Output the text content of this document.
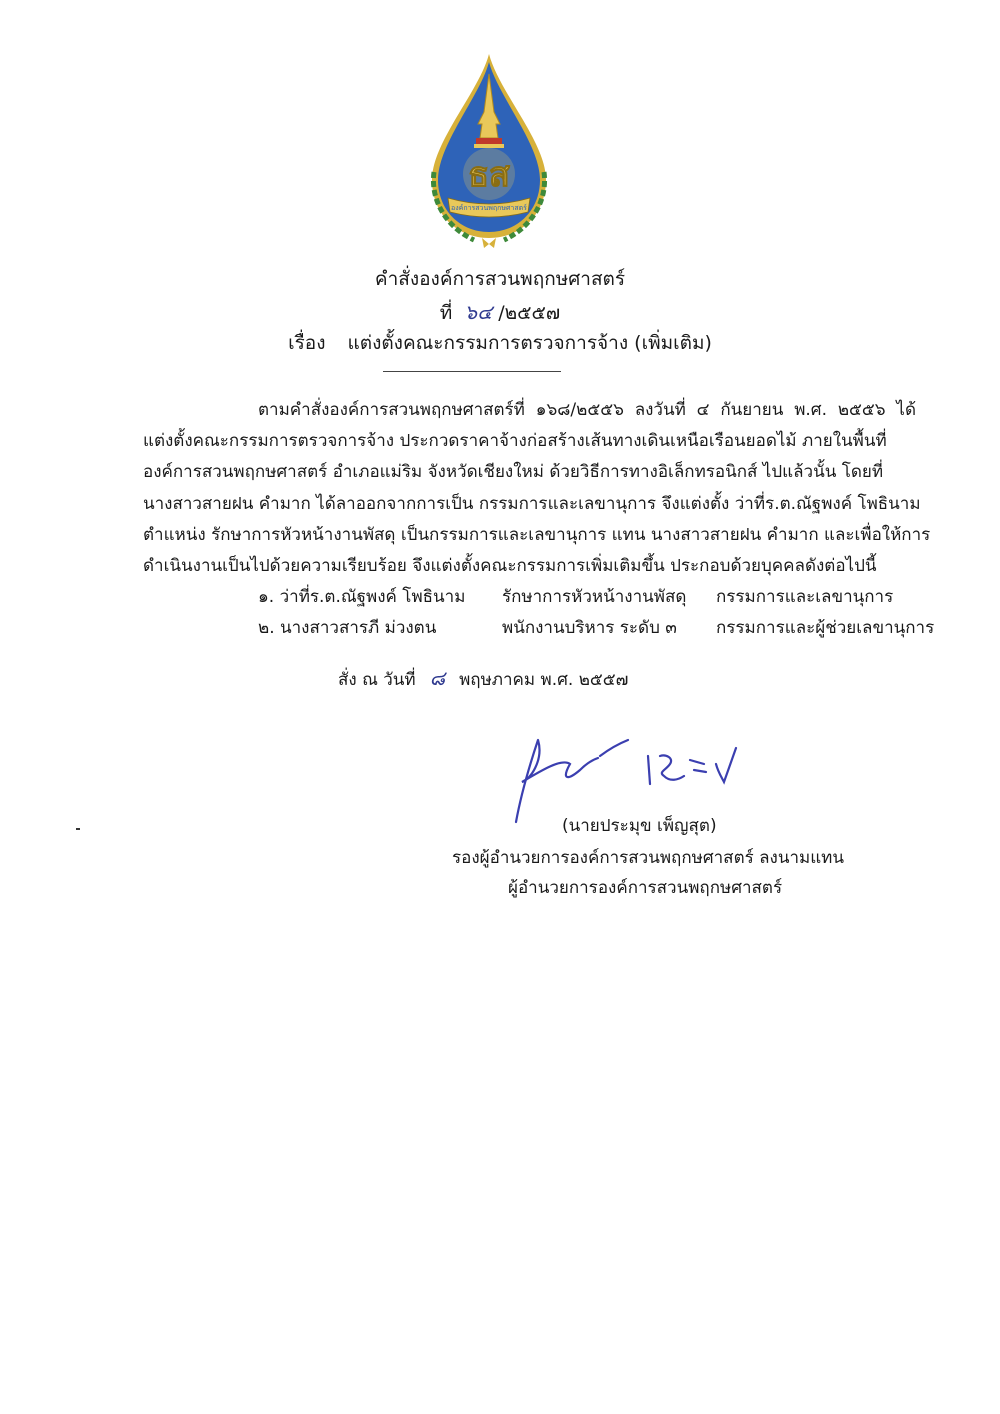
ธส
องค์การสวนพฤกษศาสตร์
คำสั่งองค์การสวนพฤกษศาสตร์
ที่ ๖๔ /๒๕๕๗
เรื่อง แต่งตั้งคณะกรรมการตรวจการจ้าง (เพิ่มเติม)
ตามคำสั่งองค์การสวนพฤกษศาสตร์ที่ ๑๖๘/๒๕๕๖ ลงวันที่ ๔ กันยายน พ.ศ. ๒๕๕๖ ได้
แต่งตั้งคณะกรรมการตรวจการจ้าง ประกวดราคาจ้างก่อสร้างเส้นทางเดินเหนือเรือนยอดไม้ ภายในพื้นที่
องค์การสวนพฤกษศาสตร์ อำเภอแม่ริม จังหวัดเชียงใหม่ ด้วยวิธีการทางอิเล็กทรอนิกส์ ไปแล้วนั้น โดยที่
นางสาวสายฝน คำมาก ได้ลาออกจากการเป็น กรรมการและเลขานุการ จึงแต่งตั้ง ว่าที่ร.ต.ณัฐพงค์ โพธินาม
ตำแหน่ง รักษาการหัวหน้างานพัสดุ เป็นกรรมการและเลขานุการ แทน นางสาวสายฝน คำมาก และเพื่อให้การ
ดำเนินงานเป็นไปด้วยความเรียบร้อย จึงแต่งตั้งคณะกรรมการเพิ่มเติมขึ้น ประกอบด้วยบุคคลดังต่อไปนี้
๑. ว่าที่ร.ต.ณัฐพงค์ โพธินาม รักษาการหัวหน้างานพัสดุ กรรมการและเลขานุการ
๒. นางสาวสารภี ม่วงตน	พนักงานบริหาร ระดับ ๓ กรรมการและผู้ช่วยเลขานุการ
สั่ง ณ วันที่ ๘ พฤษภาคม พ.ศ. ๒๕๕๗
(นายประมุข เพ็ญสุต)
รองผู้อำนวยการองค์การสวนพฤกษศาสตร์ ลงนามแทน
ผู้อำนวยการองค์การสวนพฤกษศาสตร์
